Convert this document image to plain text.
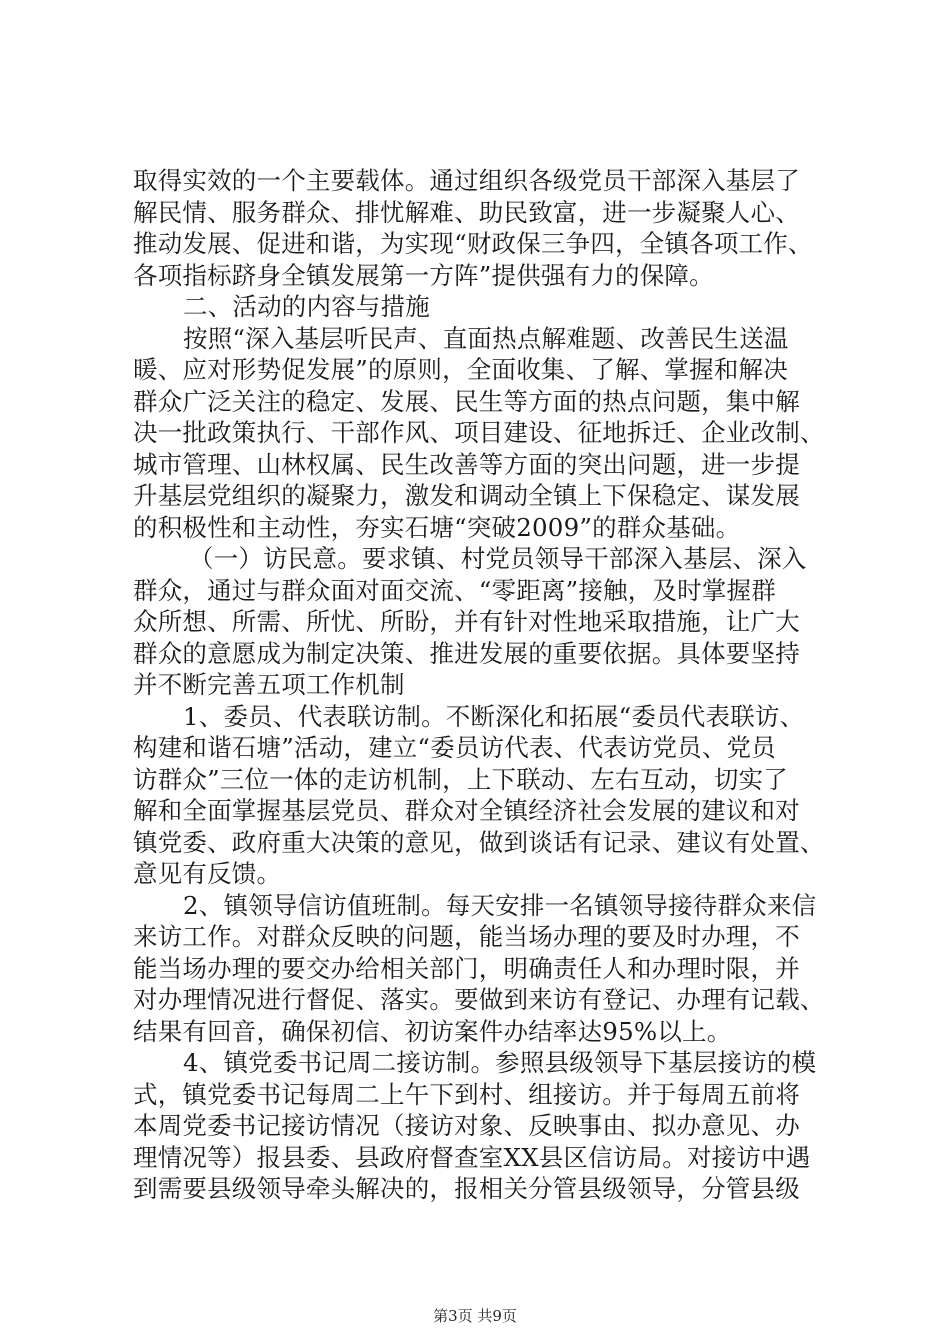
取得实效的一个主要载体。通过组织各级党员干部深入基层了
解民情、服务群众、排忧解难、助民致富，进一步凝聚人心、
推动发展、促进和谐，为实现“财政保三争四，全镇各项工作、
各项指标跻身全镇发展第一方阵”提供强有力的保障。
二、活动的内容与措施
按照“深入基层听民声、直面热点解难题、改善民生送温
暖、应对形势促发展”的原则，全面收集、了解、掌握和解决
群众广泛关注的稳定、发展、民生等方面的热点问题，集中解
决一批政策执行、干部作风、项目建设、征地拆迁、企业改制、
城市管理、山林权属、民生改善等方面的突出问题，进一步提
升基层党组织的凝聚力，激发和调动全镇上下保稳定、谋发展
的积极性和主动性，夯实石塘“突破2009”的群众基础。
（一）访民意。要求镇、村党员领导干部深入基层、深入
群众，通过与群众面对面交流、“零距离”接触，及时掌握群
众所想、所需、所忧、所盼，并有针对性地采取措施，让广大
群众的意愿成为制定决策、推进发展的重要依据。具体要坚持
并不断完善五项工作机制
1、委员、代表联访制。不断深化和拓展“委员代表联访、
构建和谐石塘”活动，建立“委员访代表、代表访党员、党员
访群众”三位一体的走访机制，上下联动、左右互动，切实了
解和全面掌握基层党员、群众对全镇经济社会发展的建议和对
镇党委、政府重大决策的意见，做到谈话有记录、建议有处置、
意见有反馈。
2、镇领导信访值班制。每天安排一名镇领导接待群众来信
来访工作。对群众反映的问题，能当场办理的要及时办理，不
能当场办理的要交办给相关部门，明确责任人和办理时限，并
对办理情况进行督促、落实。要做到来访有登记、办理有记载、
结果有回音，确保初信、初访案件办结率达95%以上。
4、镇党委书记周二接访制。参照县级领导下基层接访的模
式，镇党委书记每周二上午下到村、组接访。并于每周五前将
本周党委书记接访情况（接访对象、反映事由、拟办意见、办
理情况等）报县委、县政府督查室XX县区信访局。对接访中遇
到需要县级领导牵头解决的，报相关分管县级领导，分管县级
第3页 共9页
